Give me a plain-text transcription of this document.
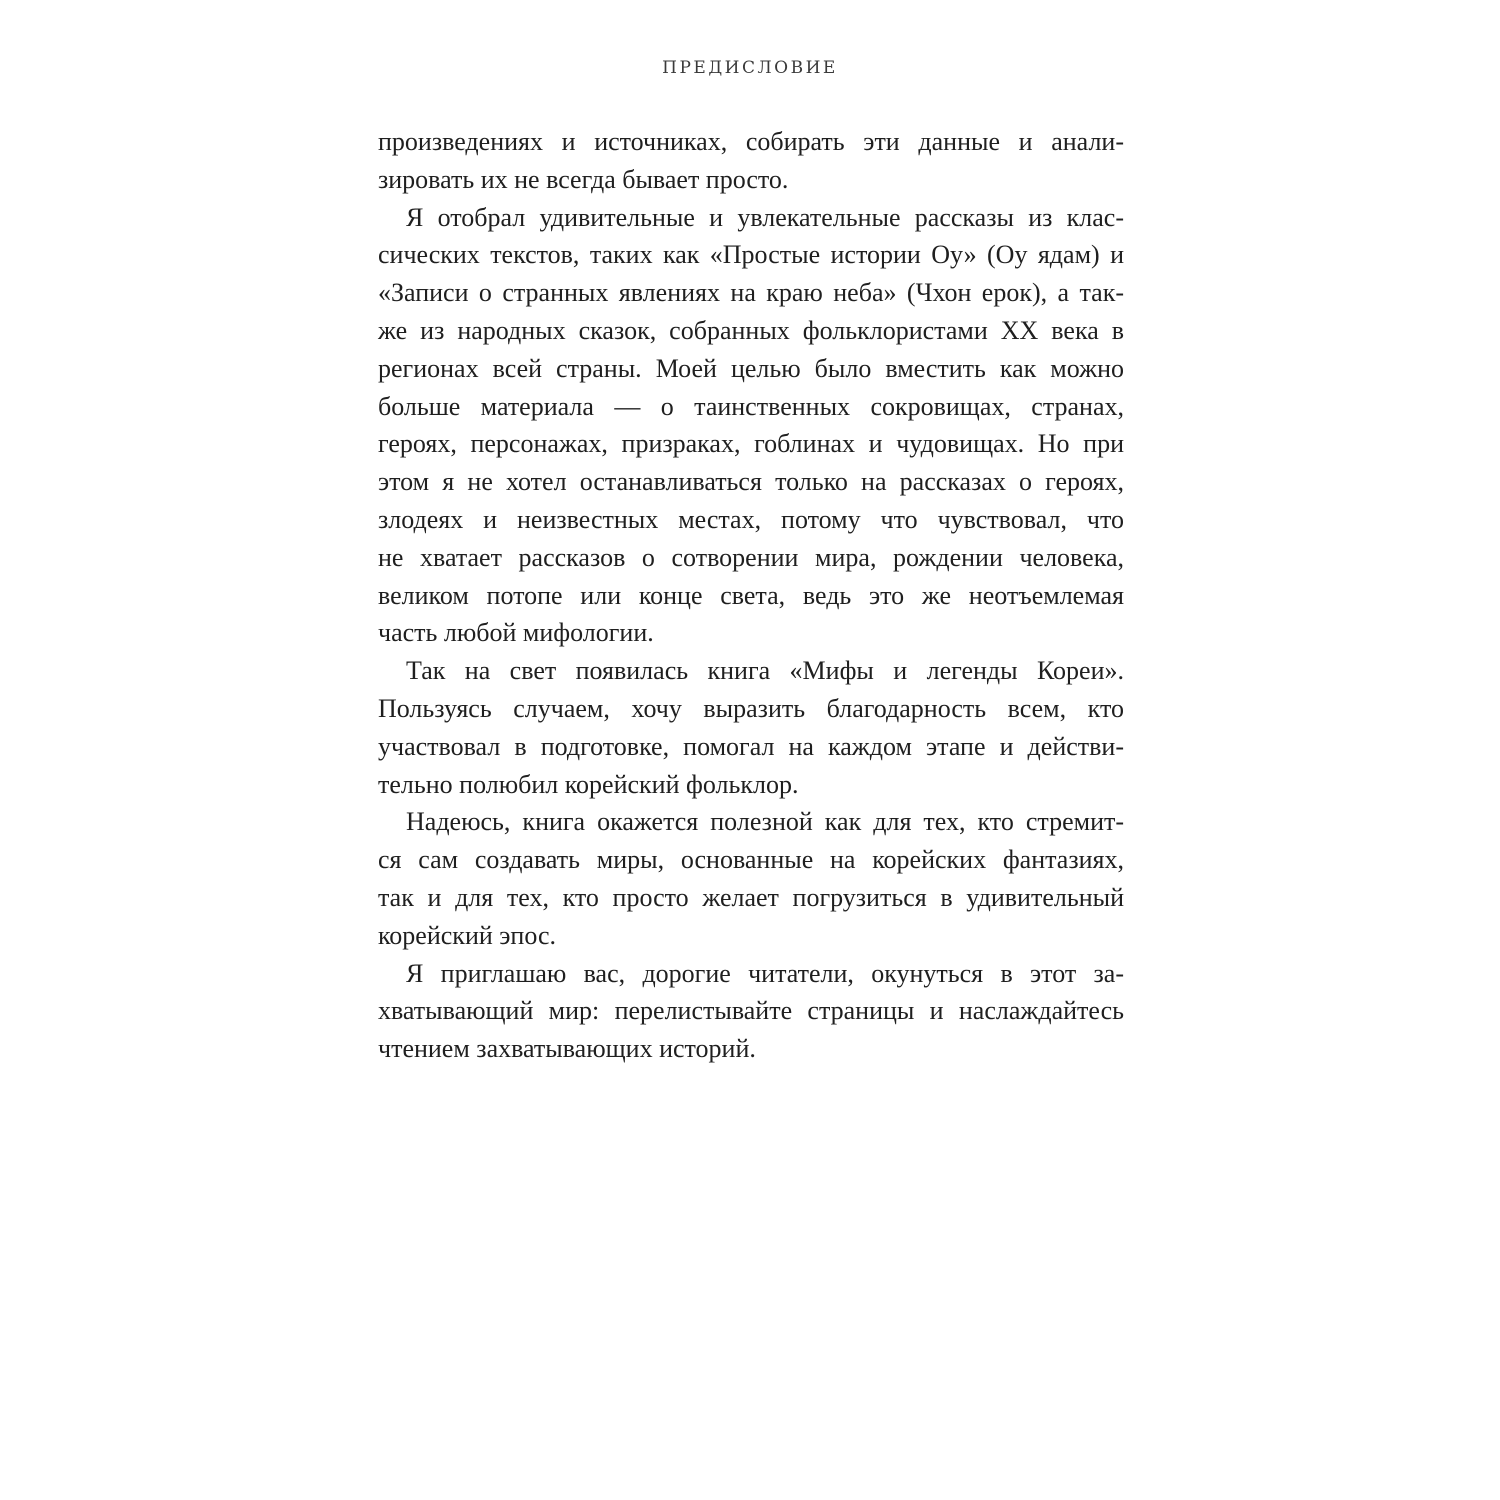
ПРЕДИСЛОВИЕ
произведениях и источниках, собирать эти данные и анали-
зировать их не всегда бывает просто.
Я отобрал удивительные и увлекательные рассказы из клас-
сических текстов, таких как «Простые истории Оу» (Оу ядам) и
«Записи о странных явлениях на краю неба» (Чхон ерок), а так-
же из народных сказок, собранных фольклористами XX века в
регионах всей страны. Моей целью было вместить как можно
больше материала — о таинственных сокровищах, странах,
героях, персонажах, призраках, гоблинах и чудовищах. Но при
этом я не хотел останавливаться только на рассказах о героях,
злодеях и неизвестных местах, потому что чувствовал, что
не хватает рассказов о сотворении мира, рождении человека,
великом потопе или конце света, ведь это же неотъемлемая
часть любой мифологии.
Так на свет появилась книга «Мифы и легенды Кореи».
Пользуясь случаем, хочу выразить благодарность всем, кто
участвовал в подготовке, помогал на каждом этапе и действи-
тельно полюбил корейский фольклор.
Надеюсь, книга окажется полезной как для тех, кто стремит-
ся сам создавать миры, основанные на корейских фантазиях,
так и для тех, кто просто желает погрузиться в удивительный
корейский эпос.
Я приглашаю вас, дорогие читатели, окунуться в этот за-
хватывающий мир: перелистывайте страницы и наслаждайтесь
чтением захватывающих историй.
